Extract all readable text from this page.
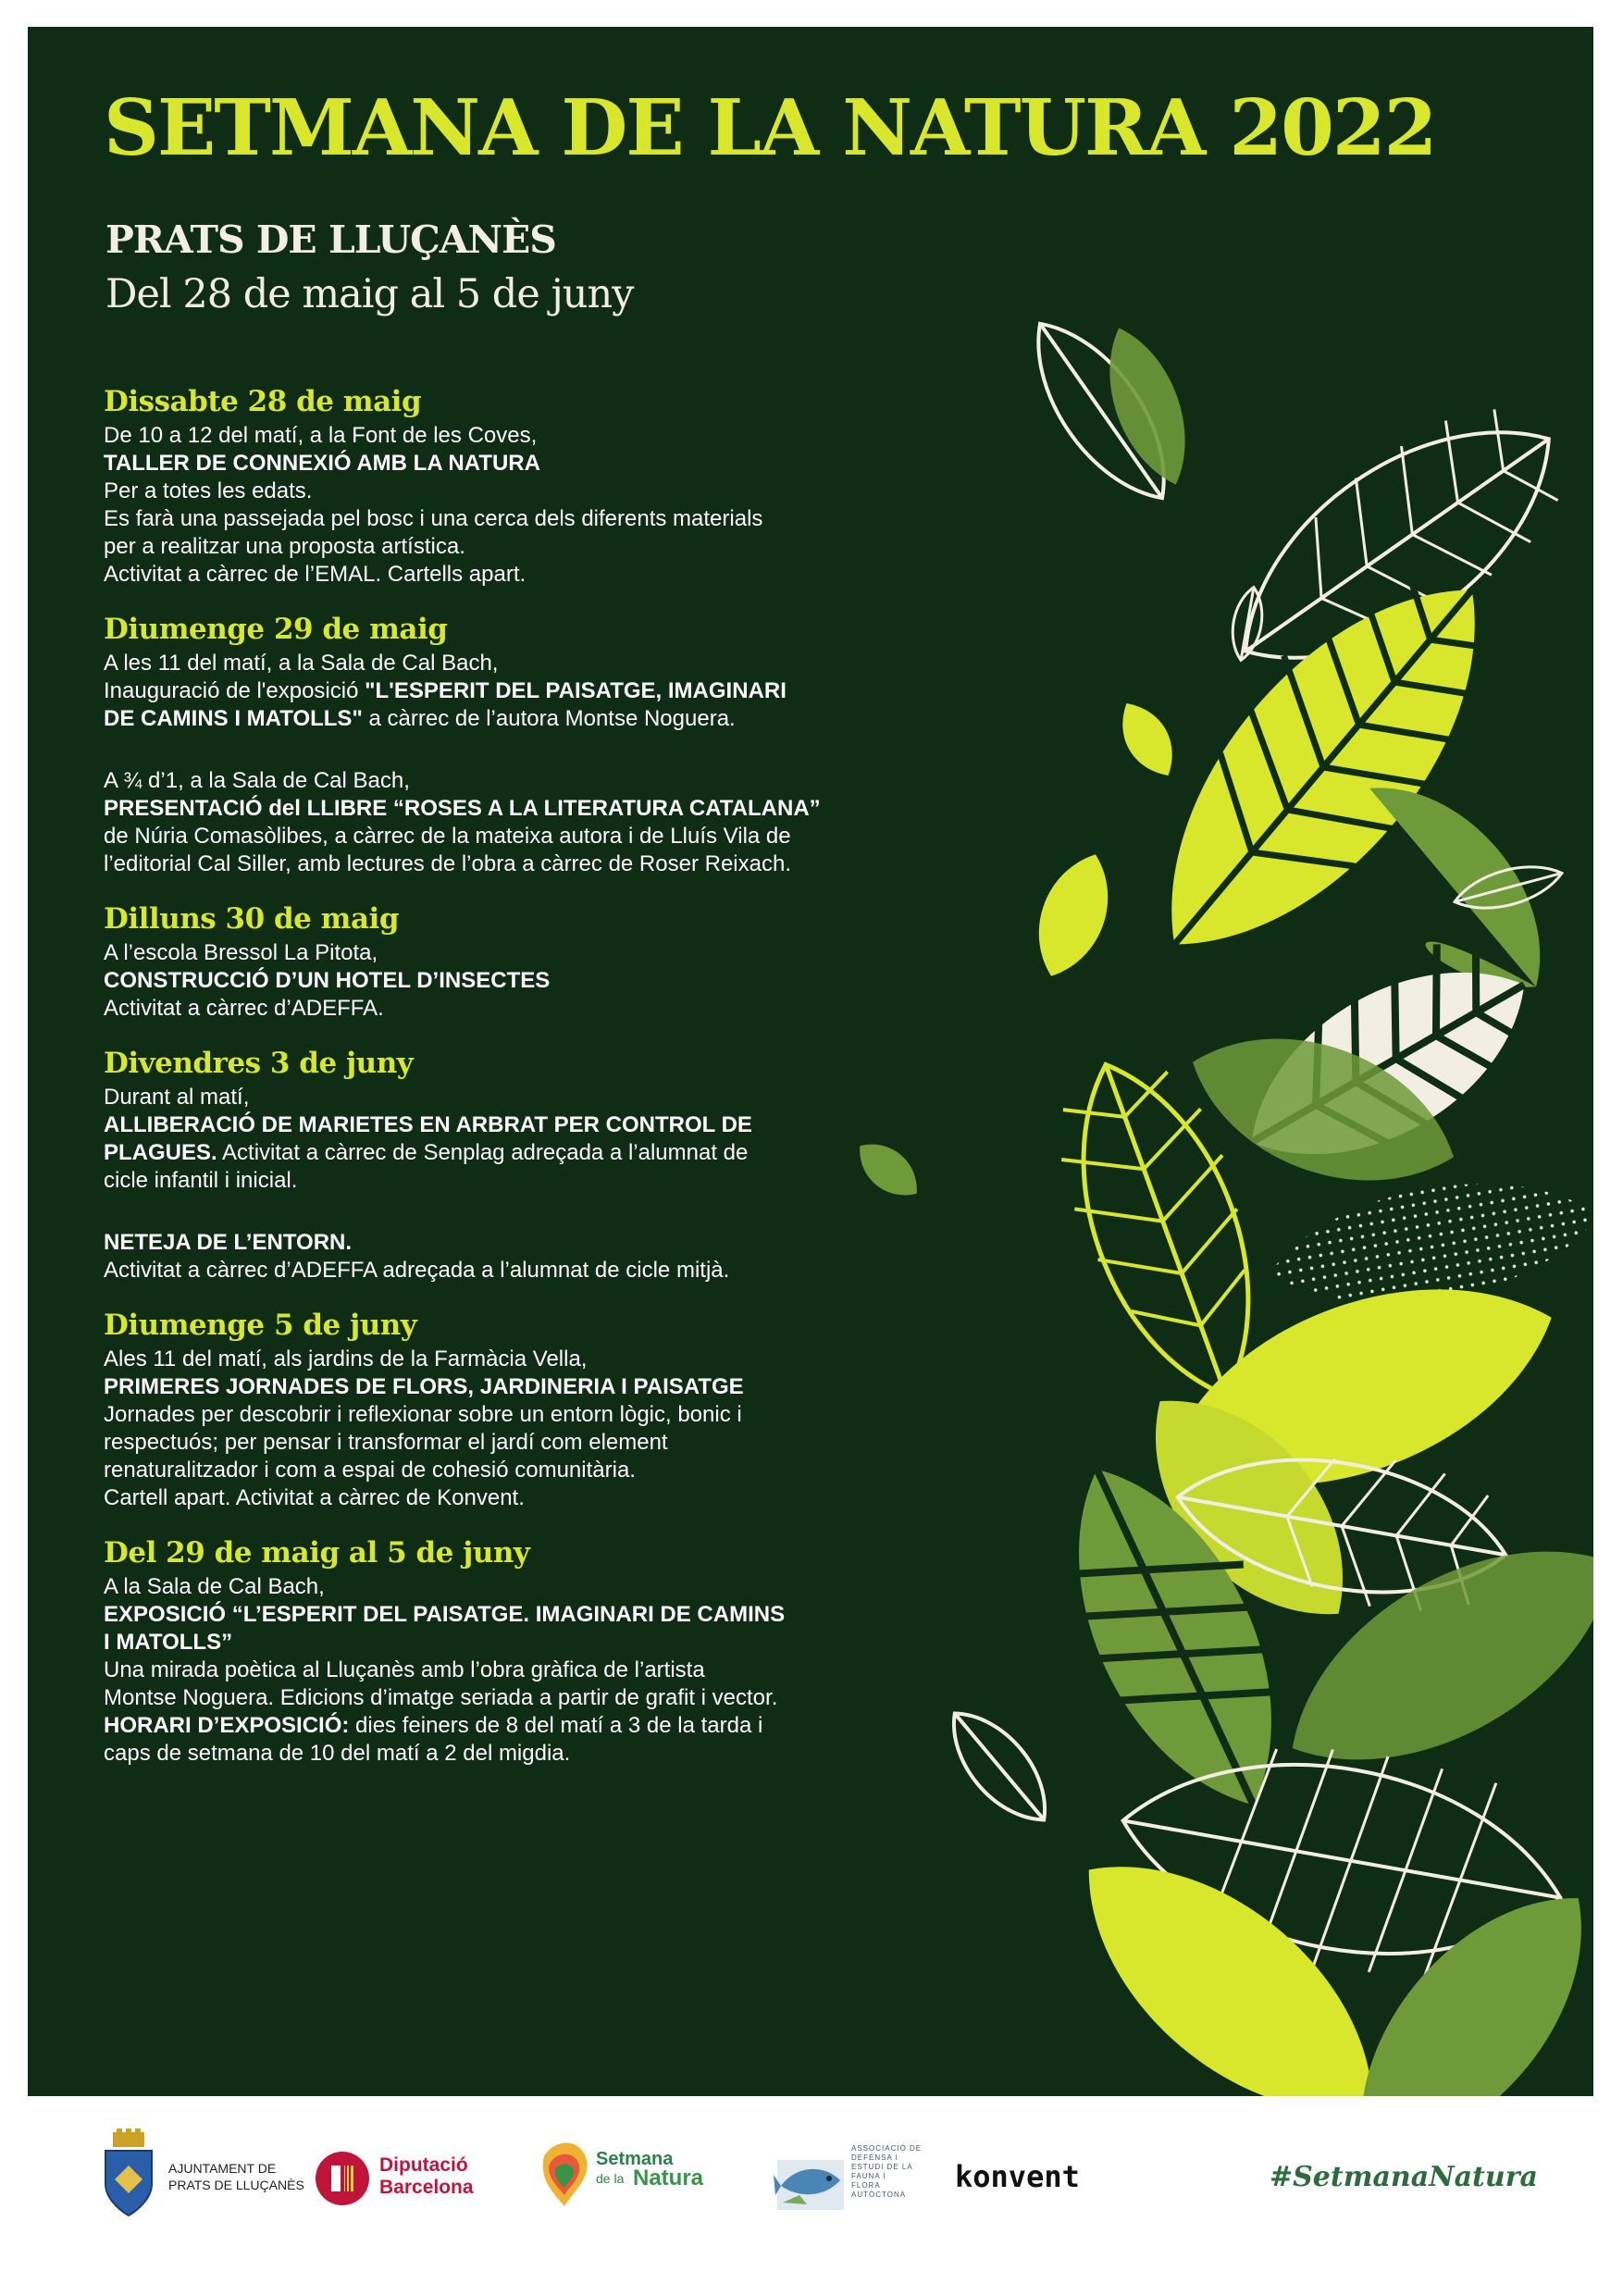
SETMANA DE LA NATURA 2022
PRATS DE LLUÇANÈS
Del 28 de maig al 5 de juny
Dissabte 28 de maig
De 10 a 12 del matí, a la Font de les Coves,
TALLER DE CONNEXIÓ AMB LA NATURA
Per a totes les edats.
Es farà una passejada pel bosc i una cerca dels diferents materials
per a realitzar una proposta artística.
Activitat a càrrec de l’EMAL. Cartells apart.
Diumenge 29 de maig
A les 11 del matí, a la Sala de Cal Bach,
Inauguració de l'exposició "L'ESPERIT DEL PAISATGE, IMAGINARI
DE CAMINS I MATOLLS" a càrrec de l’autora Montse Noguera.
A ¾ d’1, a la Sala de Cal Bach,
PRESENTACIÓ del LLIBRE “ROSES A LA LITERATURA CATALANA”
de Núria Comasòlibes, a càrrec de la mateixa autora i de Lluís Vila de
l’editorial Cal Siller, amb lectures de l’obra a càrrec de Roser Reixach.
Dilluns 30 de maig
A l’escola Bressol La Pitota,
CONSTRUCCIÓ D’UN HOTEL D’INSECTES
Activitat a càrrec d’ADEFFA.
Divendres 3 de juny
Durant al matí,
ALLIBERACIÓ DE MARIETES EN ARBRAT PER CONTROL DE
PLAGUES. Activitat a càrrec de Senplag adreçada a l’alumnat de
cicle infantil i inicial.
NETEJA DE L’ENTORN.
Activitat a càrrec d’ADEFFA adreçada a l’alumnat de cicle mitjà.
Diumenge 5 de juny
Ales 11 del matí, als jardins de la Farmàcia Vella,
PRIMERES JORNADES DE FLORS, JARDINERIA I PAISATGE
Jornades per descobrir i reflexionar sobre un entorn lògic, bonic i
respectuós; per pensar i transformar el jardí com element
renaturalitzador i com a espai de cohesió comunitària.
Cartell apart. Activitat a càrrec de Konvent.
Del 29 de maig al 5 de juny
A la Sala de Cal Bach,
EXPOSICIÓ “L’ESPERIT DEL PAISATGE. IMAGINARI DE CAMINS
I MATOLLS”
Una mirada poètica al Lluçanès amb l’obra gràfica de l’artista
Montse Noguera. Edicions d’imatge seriada a partir de grafit i vector.
HORARI D’EXPOSICIÓ: dies feiners de 8 del matí a 3 de la tarda i
caps de setmana de 10 del matí a 2 del migdia.
AJUNTAMENT DE
PRATS DE LLUÇANÈS
Diputació
Barcelona
Setmana
de la Natura
ASSOCIACIÓ DE
DEFENSA I
ESTUDI DE LA
FAUNA I
FLORA
AUTÒCTONA
konvent	#SetmanaNatura
